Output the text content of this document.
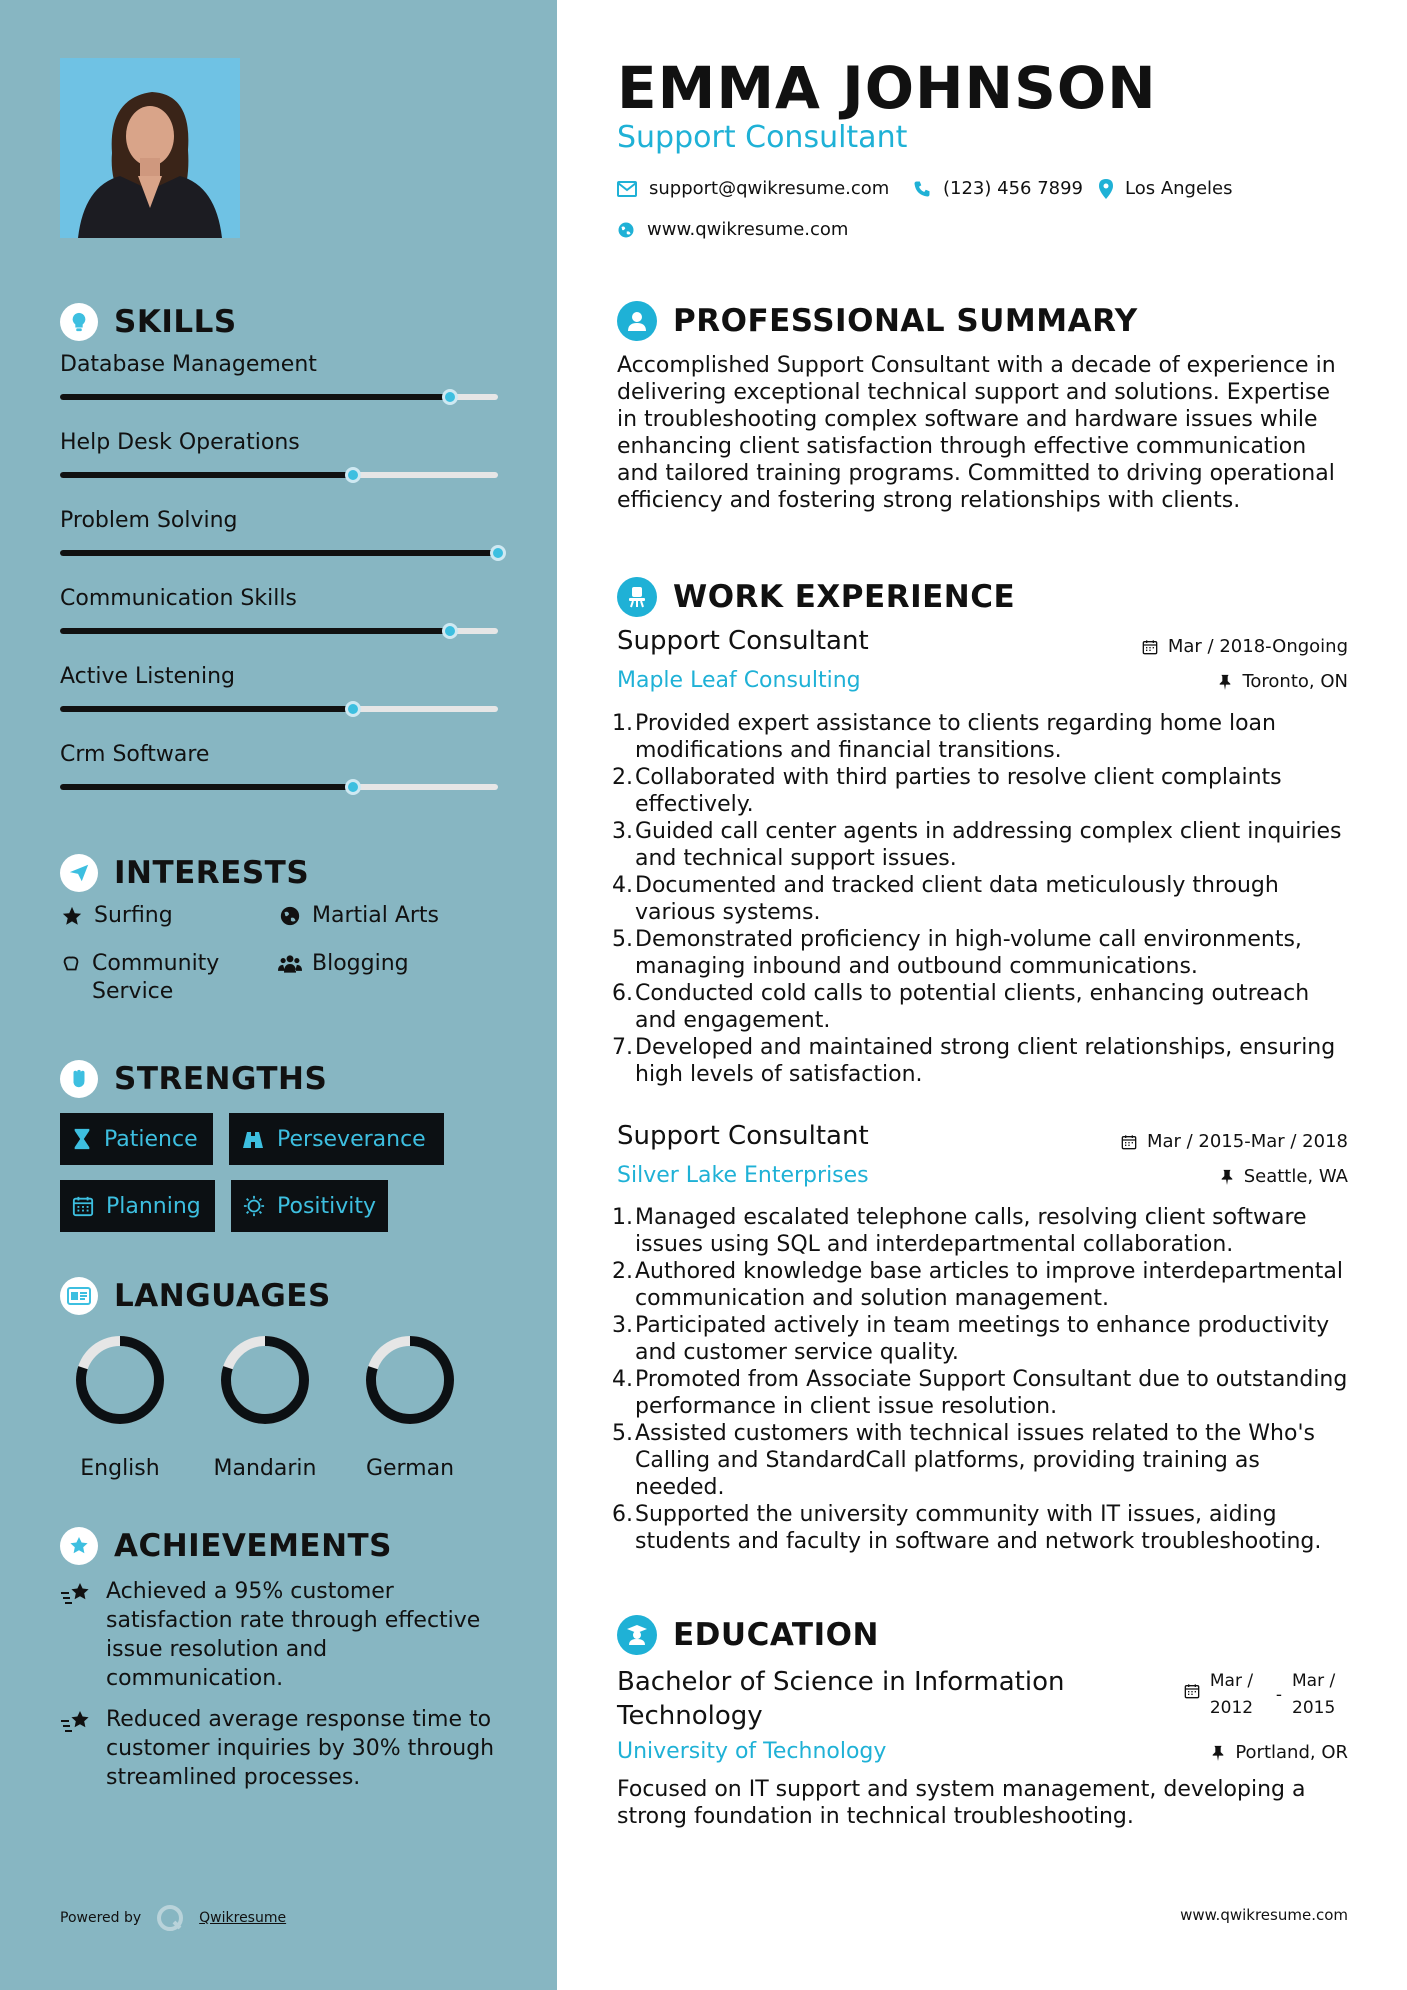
SKILLS
Database Management
Help Desk Operations
Problem Solving
Communication Skills
Active Listening
Crm Software
INTERESTS
Surfing	Martial Arts
Community Service
Blogging
STRENGTHS
Patience	Perseverance
Planning	Positivity
LANGUAGES
English	Mandarin	German
ACHIEVEMENTS
Achieved a 95% customer satisfaction rate through effective issue resolution and communication.
Reduced average response time to customer inquiries by 30% through streamlined processes.
Powered by	Qwikresume
EMMA JOHNSON
Support Consultant
support@qwikresume.com	(123) 456 7899 Los Angeles
www.qwikresume.com
PROFESSIONAL SUMMARY
Accomplished Support Consultant with a decade of experience in delivering exceptional technical support and solutions. Expertise in troubleshooting complex software and hardware issues while enhancing client satisfaction through effective communication and tailored training programs. Committed to driving operational efficiency and fostering strong relationships with clients.
WORK EXPERIENCE
Support Consultant	Mar / 2018-Ongoing
Maple Leaf Consulting	Toronto, ON
1. Provided expert assistance to clients regarding home loan modifications and financial transitions.
2. Collaborated with third parties to resolve client complaints effectively.
3. Guided call center agents in addressing complex client inquiries and technical support issues.
4. Documented and tracked client data meticulously through various systems.
5. Demonstrated proficiency in high-volume call environments, managing inbound and outbound communications.
6. Conducted cold calls to potential clients, enhancing outreach and engagement.
7. Developed and maintained strong client relationships, ensuring high levels of satisfaction.
Support Consultant	Mar / 2015-Mar / 2018
Silver Lake Enterprises	Seattle, WA
1. Managed escalated telephone calls, resolving client software issues using SQL and interdepartmental collaboration.
2. Authored knowledge base articles to improve interdepartmental communication and solution management.
3. Participated actively in team meetings to enhance productivity and customer service quality.
4. Promoted from Associate Support Consultant due to outstanding performance in client issue resolution.
5. Assisted customers with technical issues related to the Who's Calling and StandardCall platforms, providing training as needed.
6. Supported the university community with IT issues, aiding students and faculty in software and network troubleshooting.
EDUCATION
Bachelor of Science in Information Technology
Mar / 2012
-
Mar / 2015
University of Technology	Portland, OR
Focused on IT support and system management, developing a strong foundation in technical troubleshooting.
www.qwikresume.com
